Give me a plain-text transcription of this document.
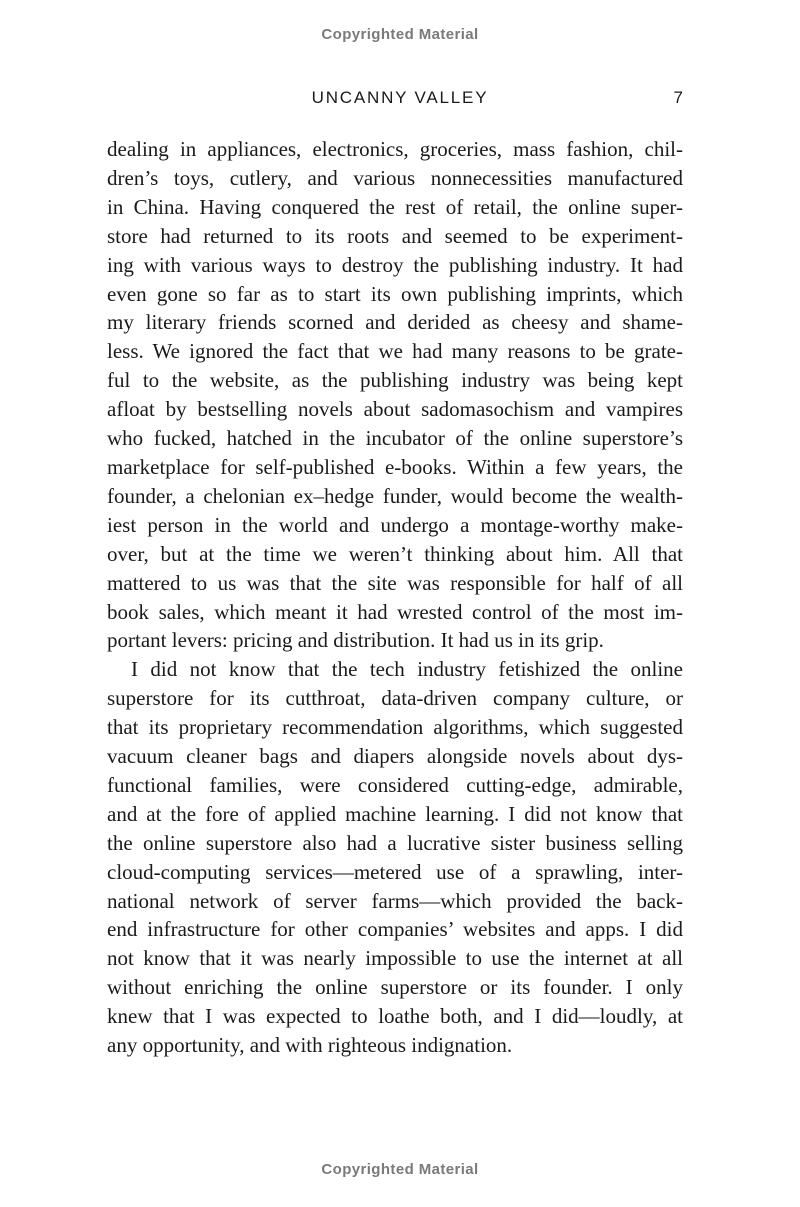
Copyrighted Material
UNCANNY VALLEY	7
dealing in appliances, electronics, groceries, mass fashion, chil-
dren’s toys, cutlery, and various nonnecessities manufactured
in China. Having conquered the rest of retail, the online super-
store had returned to its roots and seemed to be experiment-
ing with various ways to destroy the publishing industry. It had
even gone so far as to start its own publishing imprints, which
my literary friends scorned and derided as cheesy and shame-
less. We ignored the fact that we had many reasons to be grate-
ful to the website, as the publishing industry was being kept
afloat by bestselling novels about sadomasochism and vampires
who fucked, hatched in the incubator of the online superstore’s
marketplace for self-published e-books. Within a few years, the
founder, a chelonian ex–hedge funder, would become the wealth-
iest person in the world and undergo a montage-worthy make-
over, but at the time we weren’t thinking about him. All that
mattered to us was that the site was responsible for half of all
book sales, which meant it had wrested control of the most im-
portant levers: pricing and distribution. It had us in its grip.
I did not know that the tech industry fetishized the online
superstore for its cutthroat, data-driven company culture, or
that its proprietary recommendation algorithms, which suggested
vacuum cleaner bags and diapers alongside novels about dys-
functional families, were considered cutting-edge, admirable,
and at the fore of applied machine learning. I did not know that
the online superstore also had a lucrative sister business selling
cloud-computing services—metered use of a sprawling, inter-
national network of server farms—which provided the back-
end infrastructure for other companies’ websites and apps. I did
not know that it was nearly impossible to use the internet at all
without enriching the online superstore or its founder. I only
knew that I was expected to loathe both, and I did—loudly, at
any opportunity, and with righteous indignation.
Copyrighted Material
